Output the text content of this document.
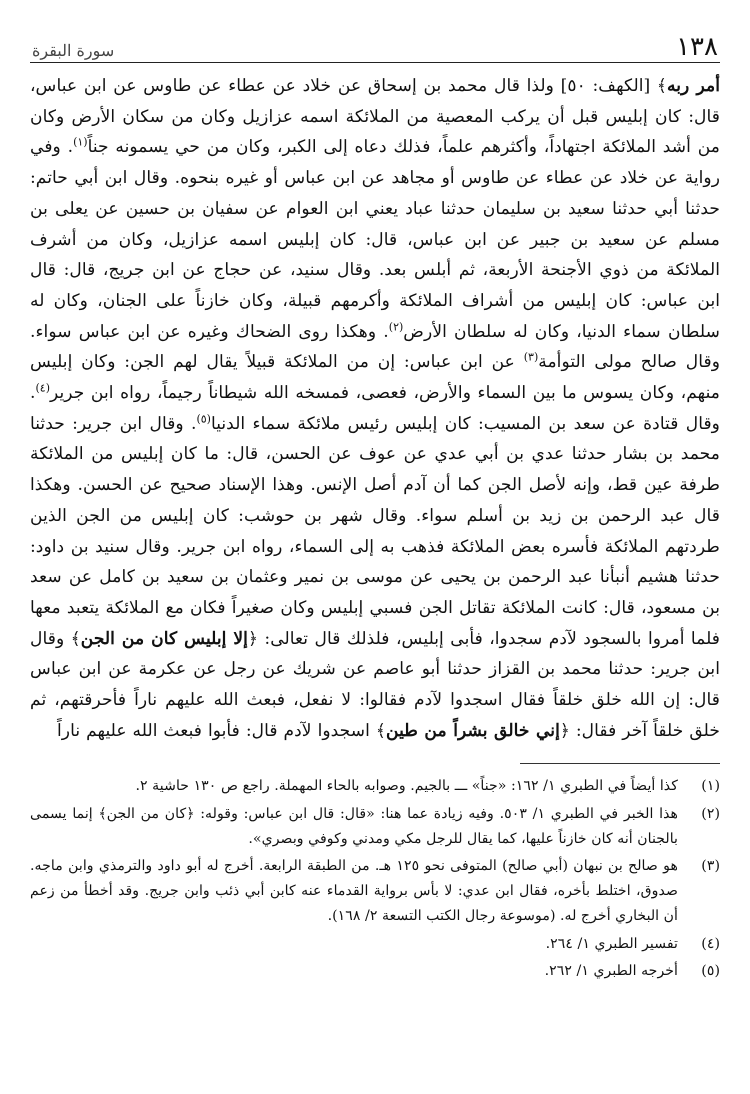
١٣٨
سورة البقرة

أمر ربه﴾ [الكهف: ٥٠] ولذا قال محمد بن إسحاق عن خلاد عن عطاء عن طاوس عن ابن عباس، قال: كان إبليس قبل أن يركب المعصية من الملائكة اسمه عزازيل وكان من سكان الأرض وكان من أشد الملائكة اجتهاداً، وأكثرهم علماً، فذلك دعاه إلى الكبر، وكان من حي يسمونه جناً$^{(١)}$. وفي رواية عن خلاد عن عطاء عن طاوس أو مجاهد عن ابن عباس أو غيره بنحوه. وقال ابن أبي حاتم: حدثنا أبي حدثنا سعيد بن سليمان حدثنا عباد يعني ابن العوام عن سفيان بن حسين عن يعلى بن مسلم عن سعيد بن جبير عن ابن عباس، قال: كان إبليس اسمه عزازيل، وكان من أشرف الملائكة من ذوي الأجنحة الأربعة، ثم أبلس بعد. وقال سنيد، عن حجاج عن ابن جريج، قال: قال ابن عباس: كان إبليس من أشراف الملائكة وأكرمهم قبيلة، وكان خازناً على الجنان، وكان له سلطان سماء الدنيا، وكان له سلطان الأرض$^{(٢)}$. وهكذا روى الضحاك وغيره عن ابن عباس سواء. وقال صالح مولى التوأمة$^{(٣)}$ عن ابن عباس: إن من الملائكة قبيلاً يقال لهم الجن: وكان إبليس منهم، وكان يسوس ما بين السماء والأرض، فعصى، فمسخه الله شيطاناً رجيماً، رواه ابن جرير$^{(٤)}$. وقال قتادة عن سعد بن المسيب: كان إبليس رئيس ملائكة سماء الدنيا$^{(٥)}$. وقال ابن جرير: حدثنا محمد بن بشار حدثنا عدي بن أبي عدي عن عوف عن الحسن، قال: ما كان إبليس من الملائكة طرفة عين قط، وإنه لأصل الجن كما أن آدم أصل الإنس. وهذا الإسناد صحيح عن الحسن. وهكذا قال عبد الرحمن بن زيد بن أسلم سواء. وقال شهر بن حوشب: كان إبليس من الجن الذين طردتهم الملائكة فأسره بعض الملائكة فذهب به إلى السماء، رواه ابن جرير. وقال سنيد بن داود: حدثنا هشيم أنبأنا عبد الرحمن بن يحيى عن موسى بن نمير وعثمان بن سعيد بن كامل عن سعد بن مسعود، قال: كانت الملائكة تقاتل الجن فسبي إبليس وكان صغيراً فكان مع الملائكة يتعبد معها فلما أمروا بالسجود لآدم سجدوا، فأبى إبليس، فلذلك قال تعالى: ﴿إلا إبليس كان من الجن﴾ وقال ابن جرير: حدثنا محمد بن القزاز حدثنا أبو عاصم عن شريك عن رجل عن عكرمة عن ابن عباس قال: إن الله خلق خلقاً فقال اسجدوا لآدم فقالوا: لا نفعل، فبعث الله عليهم ناراً فأحرقتهم، ثم خلق خلقاً آخر فقال: ﴿إني خالق بشراً من طين﴾ اسجدوا لآدم قال: فأبوا فبعث الله عليهم ناراً

(١)
كذا أيضاً في الطبري ١/ ١٦٢: «جناً» ـــ بالجيم. وصوابه بالحاء المهملة. راجع ص ١٣٠ حاشية ٢.
(٢)
هذا الخبر في الطبري ١/ ٥٠٣. وفيه زيادة عما هنا: «قال: قال ابن عباس: وقوله: ﴿كان من الجن﴾ إنما يسمى بالجنان أنه كان خازناً عليها، كما يقال للرجل مكي ومدني وكوفي وبصري».
(٣)
هو صالح بن نبهان (أبي صالح) المتوفى نحو ١٢٥ هـ. من الطبقة الرابعة. أخرج له أبو داود والترمذي وابن ماجه. صدوق، اختلط بأخره، فقال ابن عدي: لا بأس برواية القدماء عنه كابن أبي ذئب وابن جريج. وقد أخطأ من زعم أن البخاري أخرج له. (موسوعة رجال الكتب التسعة ٢/ ١٦٨).
(٤)
تفسير الطبري ١/ ٢٦٤.
(٥)
أخرجه الطبري ١/ ٢٦٢.
